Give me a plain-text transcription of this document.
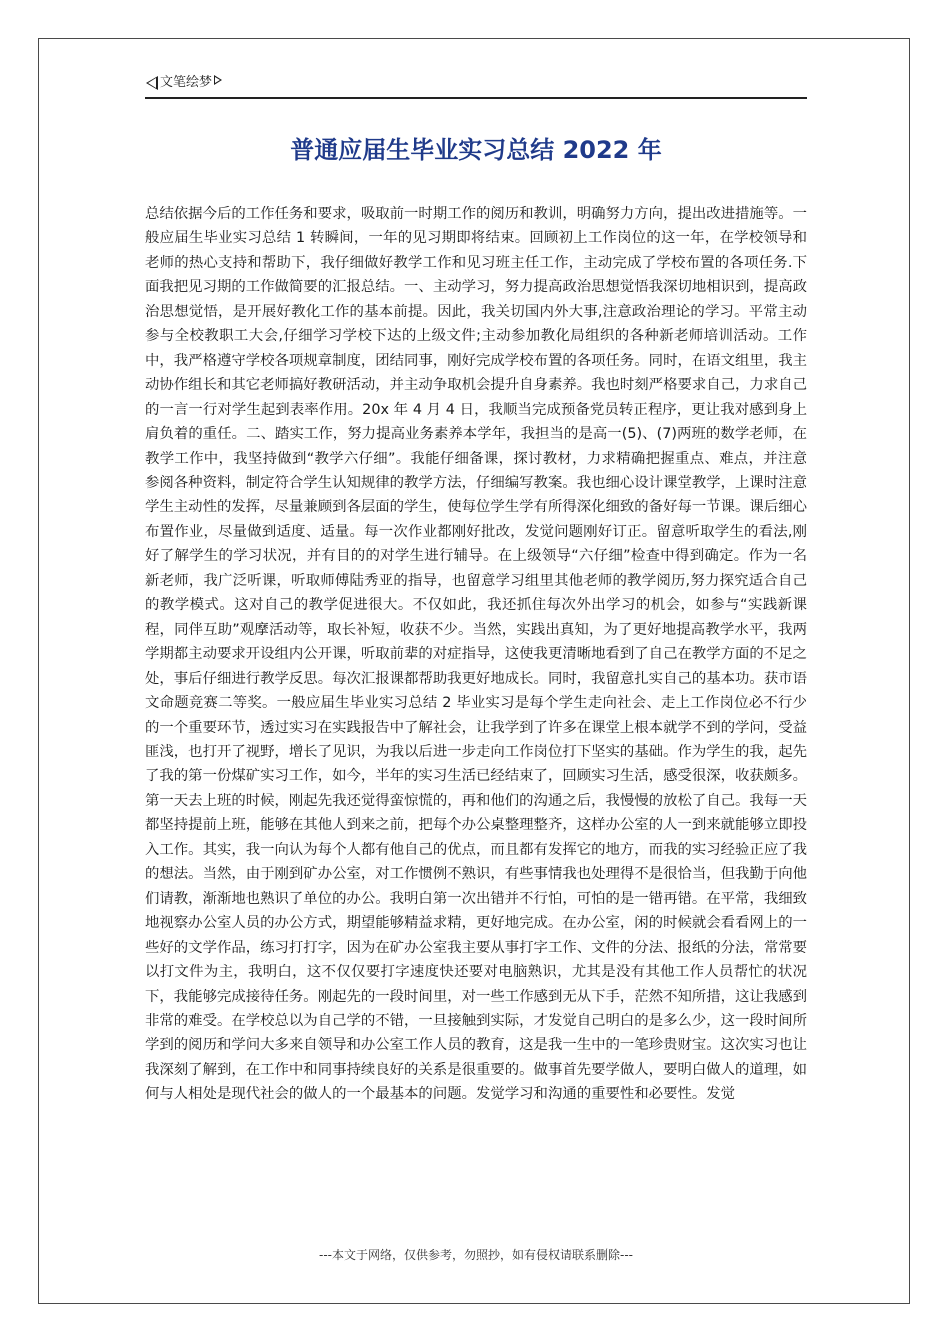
文笔绘梦
普通应届生毕业实习总结 2022 年

总结依据今后的工作任务和要求，吸取前一时期工作的阅历和教训，明确努力方向，提出改进措施等。一般应届生毕业实习总结 1 转瞬间，一年的见习期即将结束。回顾初上工作岗位的这一年，在学校领导和老师的热心支持和帮助下，我仔细做好教学工作和见习班主任工作，主动完成了学校布置的各项任务.下面我把见习期的工作做简要的汇报总结。一、主动学习，努力提高政治思想觉悟我深切地相识到，提高政治思想觉悟，是开展好教化工作的基本前提。因此，我关切国内外大事,注意政治理论的学习。平常主动参与全校教职工大会,仔细学习学校下达的上级文件;主动参加教化局组织的各种新老师培训活动。工作中，我严格遵守学校各项规章制度，团结同事，刚好完成学校布置的各项任务。同时，在语文组里，我主动协作组长和其它老师搞好教研活动，并主动争取机会提升自身素养。我也时刻严格要求自己，力求自己的一言一行对学生起到表率作用。20x 年 4 月 4 日，我顺当完成预备党员转正程序，更让我对感到身上肩负着的重任。二、踏实工作，努力提高业务素养本学年，我担当的是高一(5)、(7)两班的数学老师，在教学工作中，我坚持做到“教学六仔细”。我能仔细备课，探讨教材，力求精确把握重点、难点，并注意参阅各种资料，制定符合学生认知规律的教学方法，仔细编写教案。我也细心设计课堂教学，上课时注意学生主动性的发挥，尽量兼顾到各层面的学生，使每位学生学有所得深化细致的备好每一节课。课后细心布置作业，尽量做到适度、适量。每一次作业都刚好批改，发觉问题刚好订正。留意听取学生的看法,刚好了解学生的学习状况，并有目的的对学生进行辅导。在上级领导“六仔细”检查中得到确定。作为一名新老师，我广泛听课，听取师傅陆秀亚的指导，也留意学习组里其他老师的教学阅历,努力探究适合自己的教学模式。这对自己的教学促进很大。不仅如此，我还抓住每次外出学习的机会，如参与“实践新课程，同伴互助”观摩活动等，取长补短，收获不少。当然，实践出真知，为了更好地提高教学水平，我两学期都主动要求开设组内公开课，听取前辈的对症指导，这使我更清晰地看到了自己在教学方面的不足之处，事后仔细进行教学反思。每次汇报课都帮助我更好地成长。同时，我留意扎实自己的基本功。获市语文命题竞赛二等奖。一般应届生毕业实习总结 2 毕业实习是每个学生走向社会、走上工作岗位必不行少的一个重要环节，透过实习在实践报告中了解社会，让我学到了许多在课堂上根本就学不到的学问，受益匪浅，也打开了视野，增长了见识，为我以后进一步走向工作岗位打下坚实的基础。作为学生的我，起先了我的第一份煤矿实习工作，如今，半年的实习生活已经结束了，回顾实习生活，感受很深，收获颇多。第一天去上班的时候，刚起先我还觉得蛮惊慌的，再和他们的沟通之后，我慢慢的放松了自己。我每一天都坚持提前上班，能够在其他人到来之前，把每个办公桌整理整齐，这样办公室的人一到来就能够立即投入工作。其实，我一向认为每个人都有他自己的优点，而且都有发挥它的地方，而我的实习经验正应了我的想法。当然，由于刚到矿办公室，对工作惯例不熟识，有些事情我也处理得不是很恰当，但我勤于向他们请教，渐渐地也熟识了单位的办公。我明白第一次出错并不行怕，可怕的是一错再错。在平常，我细致地视察办公室人员的办公方式，期望能够精益求精，更好地完成。在办公室，闲的时候就会看看网上的一些好的文学作品，练习打打字，因为在矿办公室我主要从事打字工作、文件的分法、报纸的分法，常常要以打文件为主，我明白，这不仅仅要打字速度快还要对电脑熟识，尤其是没有其他工作人员帮忙的状况下，我能够完成接待任务。刚起先的一段时间里，对一些工作感到无从下手，茫然不知所措，这让我感到非常的难受。在学校总以为自己学的不错，一旦接触到实际，才发觉自己明白的是多么少，这一段时间所学到的阅历和学问大多来自领导和办公室工作人员的教育，这是我一生中的一笔珍贵财宝。这次实习也让我深刻了解到，在工作中和同事持续良好的关系是很重要的。做事首先要学做人，要明白做人的道理，如何与人相处是现代社会的做人的一个最基本的问题。发觉学习和沟通的重要性和必要性。发觉

---本文于网络，仅供参考，勿照抄，如有侵权请联系删除---
